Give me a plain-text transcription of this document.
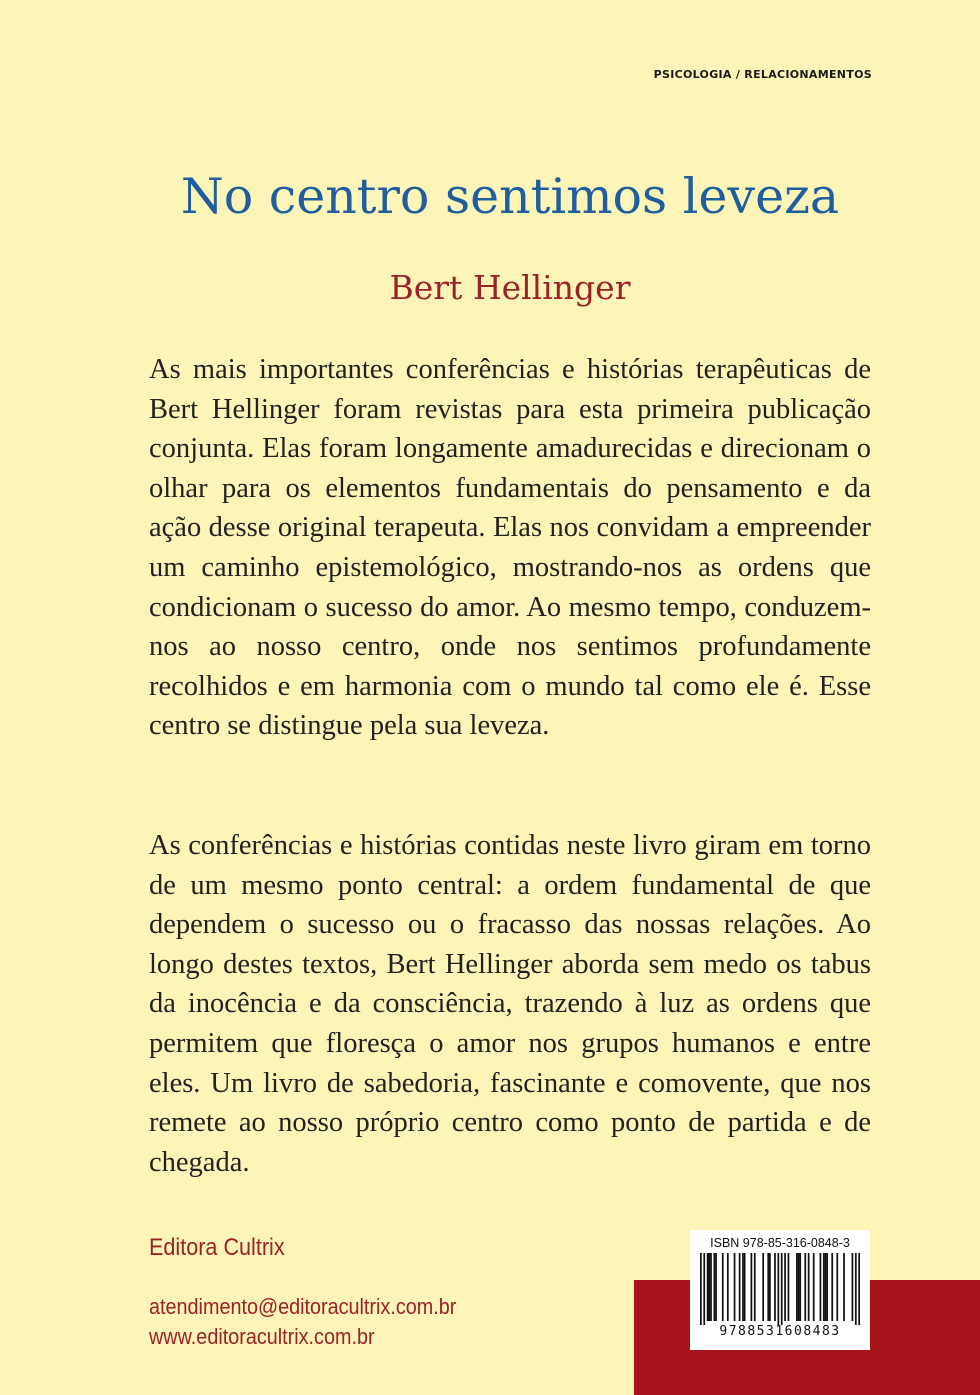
PSICOLOGIA / RELACIONAMENTOS
No centro sentimos leveza
Bert Hellinger

As mais importantes conferências e histórias terapêuticas de Bert Hellinger foram revistas para esta primeira publicação conjunta. Elas foram longamente amadurecidas e direcionam o olhar para os elementos fundamentais do pensamento e da ação desse original terapeuta. Elas nos convidam a empreender um caminho epistemológico, mostrando-nos as ordens que condicionam o sucesso do amor. Ao mesmo tempo, conduzem-nos ao nosso centro, onde nos sentimos profundamente recolhidos e em harmonia com o mundo tal como ele é. Esse centro se distingue pela sua leveza.

As conferências e histórias contidas neste livro giram em torno de um mesmo ponto central: a ordem fundamental de que dependem o sucesso ou o fracasso das nossas relações. Ao longo destes textos, Bert Hellinger aborda sem medo os tabus da inocência e da consciência, trazendo à luz as ordens que permitem que floresça o amor nos grupos humanos e entre eles. Um livro de sabedoria, fascinante e comovente, que nos remete ao nosso próprio centro como ponto de partida e de chegada.

Editora Cultrix
atendimento@editoracultrix.com.br
www.editoracultrix.com.br
ISBN 978-85-316-0848-3
9788531608483
